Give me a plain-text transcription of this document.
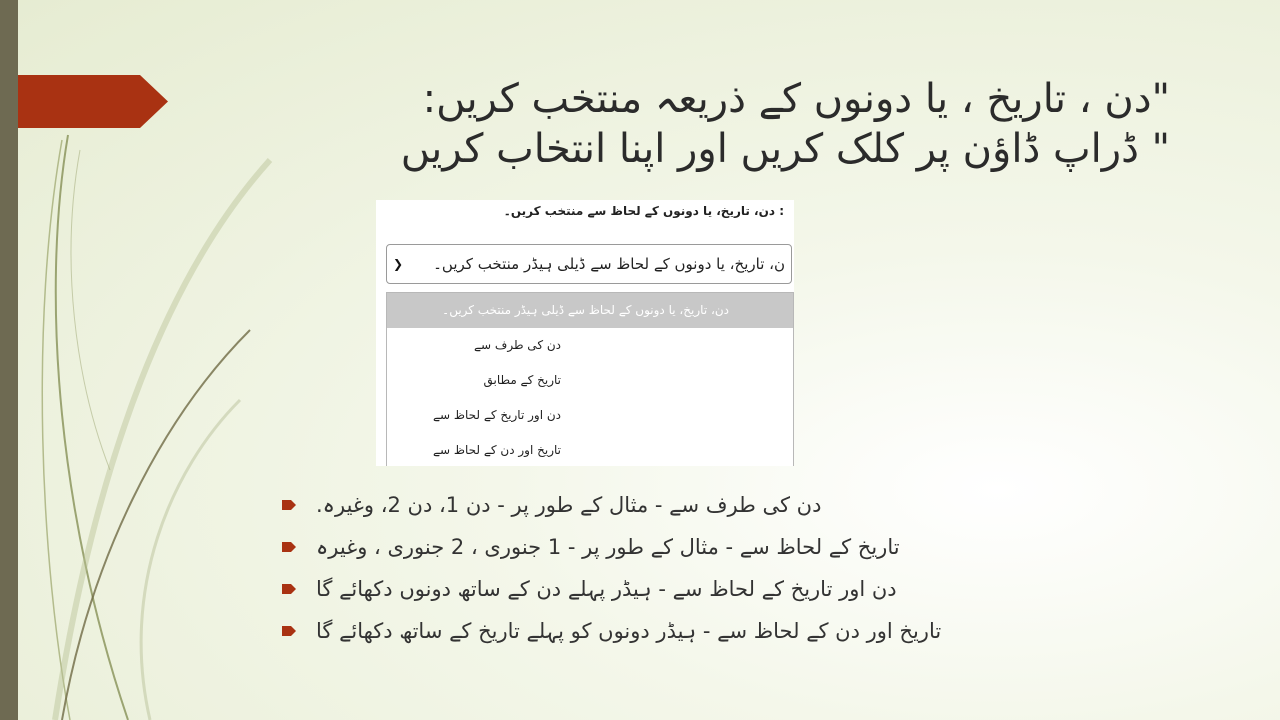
"دن ، تاریخ ، یا دونوں کے ذریعہ منتخب کریں:
" ڈراپ ڈاؤن پر کلک کریں اور اپنا انتخاب کریں
: دن، تاریخ، یا دونوں کے لحاظ سے منتخب کریں۔
❯	ن، تاریخ، یا دونوں کے لحاظ سے ڈیلی ہیڈر منتخب کریں۔
دن، تاریخ، یا دونوں کے لحاظ سے ڈیلی ہیڈر منتخب کریں۔
دن کی طرف سے
تاریخ کے مطابق
دن اور تاریخ کے لحاظ سے
تاریخ اور دن کے لحاظ سے
دن کی طرف سے - مثال کے طور پر - دن 1، دن 2، وغیرہ.
تاریخ کے لحاظ سے - مثال کے طور پر - 1 جنوری ، 2 جنوری ، وغیرہ
دن اور تاریخ کے لحاظ سے - ہیڈر پہلے دن کے ساتھ دونوں دکھائے گا
تاریخ اور دن کے لحاظ سے - ہیڈر دونوں کو پہلے تاریخ کے ساتھ دکھائے گا
